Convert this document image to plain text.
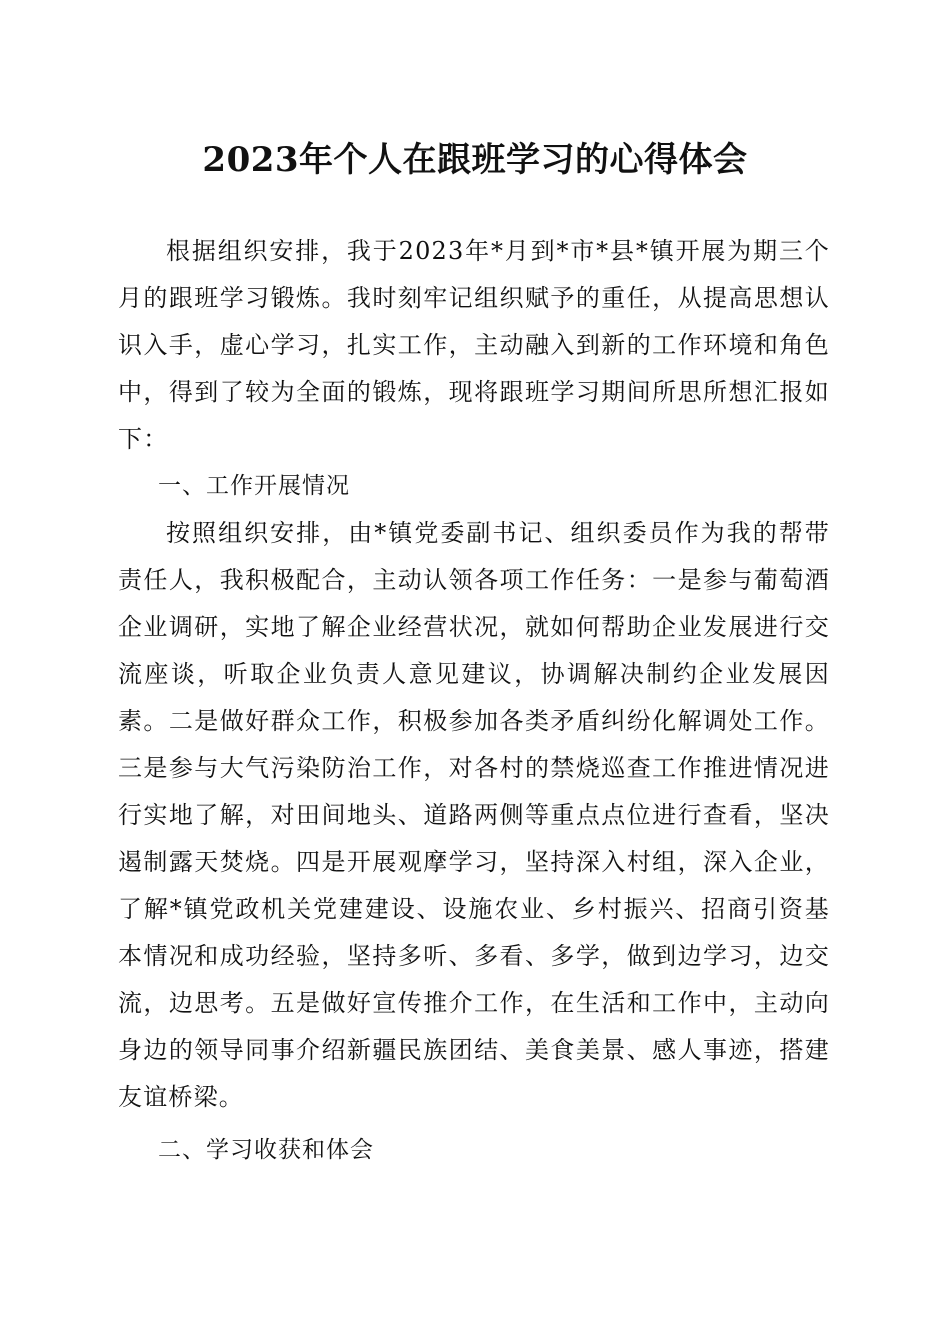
2023年个人在跟班学习的心得体会

根据组织安排，我于2023年*月到*市*县*镇开展为期三个月的跟班学习锻炼。我时刻牢记组织赋予的重任，从提高思想认识入手，虚心学习，扎实工作，主动融入到新的工作环境和角色中，得到了较为全面的锻炼，现将跟班学习期间所思所想汇报如下：

一、工作开展情况

按照组织安排，由*镇党委副书记、组织委员作为我的帮带责任人，我积极配合，主动认领各项工作任务：一是参与葡萄酒企业调研，实地了解企业经营状况，就如何帮助企业发展进行交流座谈，听取企业负责人意见建议，协调解决制约企业发展因素。二是做好群众工作，积极参加各类矛盾纠纷化解调处工作。三是参与大气污染防治工作，对各村的禁烧巡查工作推进情况进行实地了解，对田间地头、道路两侧等重点点位进行查看，坚决遏制露天焚烧。四是开展观摩学习，坚持深入村组，深入企业，了解*镇党政机关党建建设、设施农业、乡村振兴、招商引资基本情况和成功经验，坚持多听、多看、多学，做到边学习，边交流，边思考。五是做好宣传推介工作，在生活和工作中，主动向身边的领导同事介绍新疆民族团结、美食美景、感人事迹，搭建友谊桥梁。

二、学习收获和体会
